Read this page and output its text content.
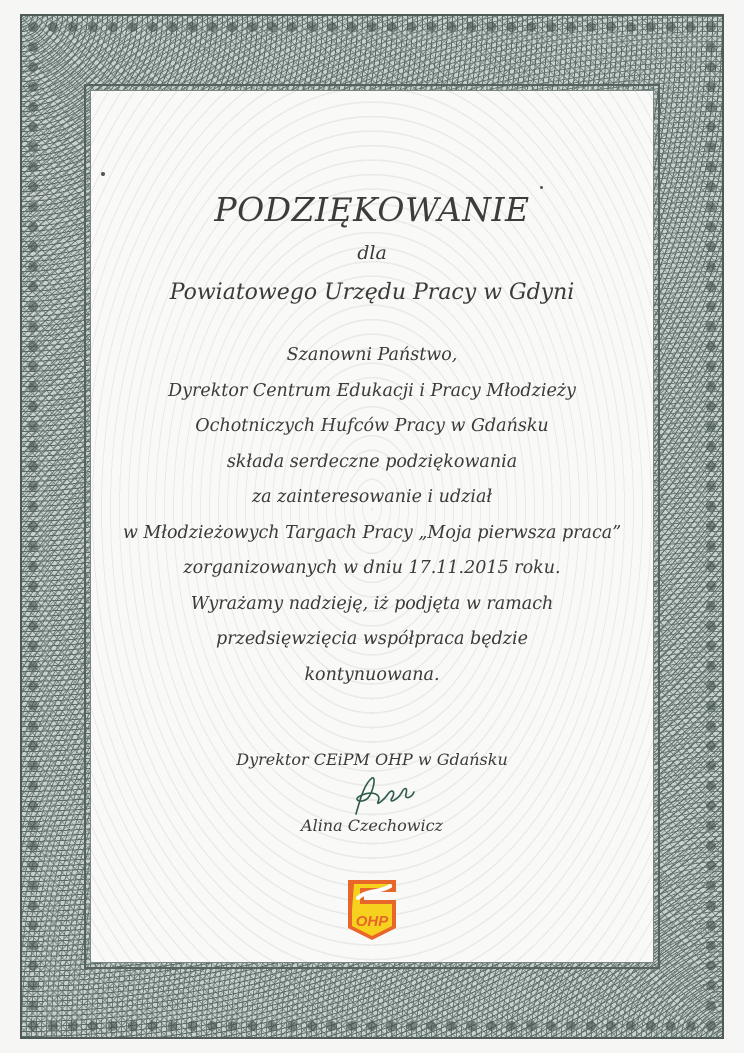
PODZIĘKOWANIE
dla
Powiatowego Urzędu Pracy w Gdyni
Szanowni Państwo,
Dyrektor Centrum Edukacji i Pracy Młodzieży
Ochotniczych Hufców Pracy w Gdańsku
składa serdeczne podziękowania
za zainteresowanie i udział
w Młodzieżowych Targach Pracy „Moja pierwsza praca”
zorganizowanych w dniu 17.11.2015 roku.
Wyrażamy nadzieję, iż podjęta w ramach
przedsięwzięcia współpraca będzie
kontynuowana.
Dyrektor CEiPM OHP w Gdańsku
Alina Czechowicz
OHP
